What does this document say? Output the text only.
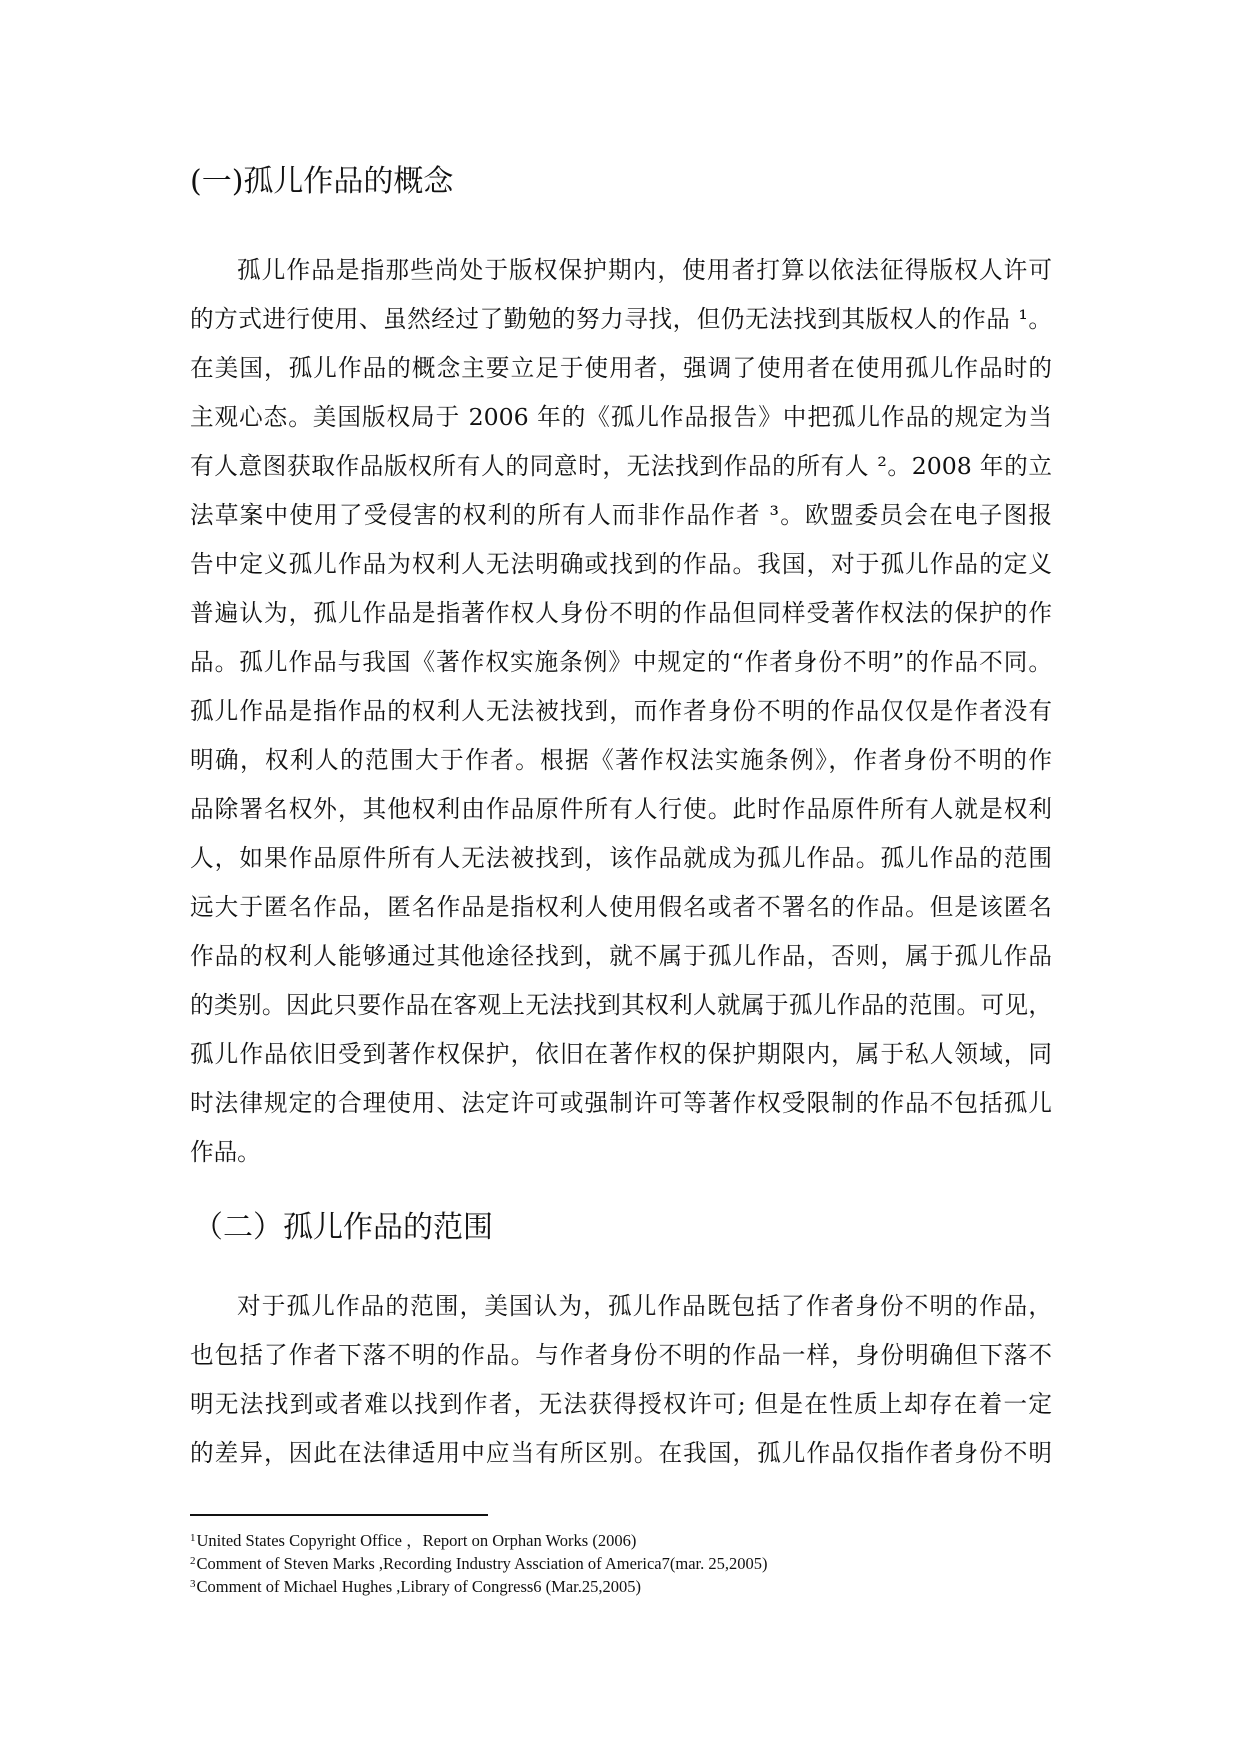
(一)孤儿作品的概念
孤儿作品是指那些尚处于版权保护期内，使用者打算以依法征得版权人许可
的方式进行使用、虽然经过了勤勉的努力寻找，但仍无法找到其版权人的作品 ¹。
在美国，孤儿作品的概念主要立足于使用者，强调了使用者在使用孤儿作品时的
主观心态。美国版权局于 2006 年的《孤儿作品报告》中把孤儿作品的规定为当
有人意图获取作品版权所有人的同意时，无法找到作品的所有人 ²。2008 年的立
法草案中使用了受侵害的权利的所有人而非作品作者 ³。欧盟委员会在电子图报
告中定义孤儿作品为权利人无法明确或找到的作品。我国，对于孤儿作品的定义
普遍认为，孤儿作品是指著作权人身份不明的作品但同样受著作权法的保护的作
品。孤儿作品与我国《著作权实施条例》中规定的“作者身份不明”的作品不同。
孤儿作品是指作品的权利人无法被找到，而作者身份不明的作品仅仅是作者没有
明确，权利人的范围大于作者。根据《著作权法实施条例》，作者身份不明的作
品除署名权外，其他权利由作品原件所有人行使。此时作品原件所有人就是权利
人，如果作品原件所有人无法被找到，该作品就成为孤儿作品。孤儿作品的范围
远大于匿名作品，匿名作品是指权利人使用假名或者不署名的作品。但是该匿名
作品的权利人能够通过其他途径找到，就不属于孤儿作品，否则，属于孤儿作品
的类别。因此只要作品在客观上无法找到其权利人就属于孤儿作品的范围。可见，
孤儿作品依旧受到著作权保护，依旧在著作权的保护期限内，属于私人领域，同
时法律规定的合理使用、法定许可或强制许可等著作权受限制的作品不包括孤儿
作品。
（二）孤儿作品的范围
对于孤儿作品的范围，美国认为，孤儿作品既包括了作者身份不明的作品，
也包括了作者下落不明的作品。与作者身份不明的作品一样，身份明确但下落不
明无法找到或者难以找到作者，无法获得授权许可; 但是在性质上却存在着一定
的差异，因此在法律适用中应当有所区别。在我国，孤儿作品仅指作者身份不明
$^1$United States Copyright Office ，Report on Orphan Works (2006)
$^2$Comment of Steven Marks ,Recording Industry Assciation of America7(mar. 25,2005)
$^3$Comment of Michael Hughes ,Library of Congress6 (Mar.25,2005)
